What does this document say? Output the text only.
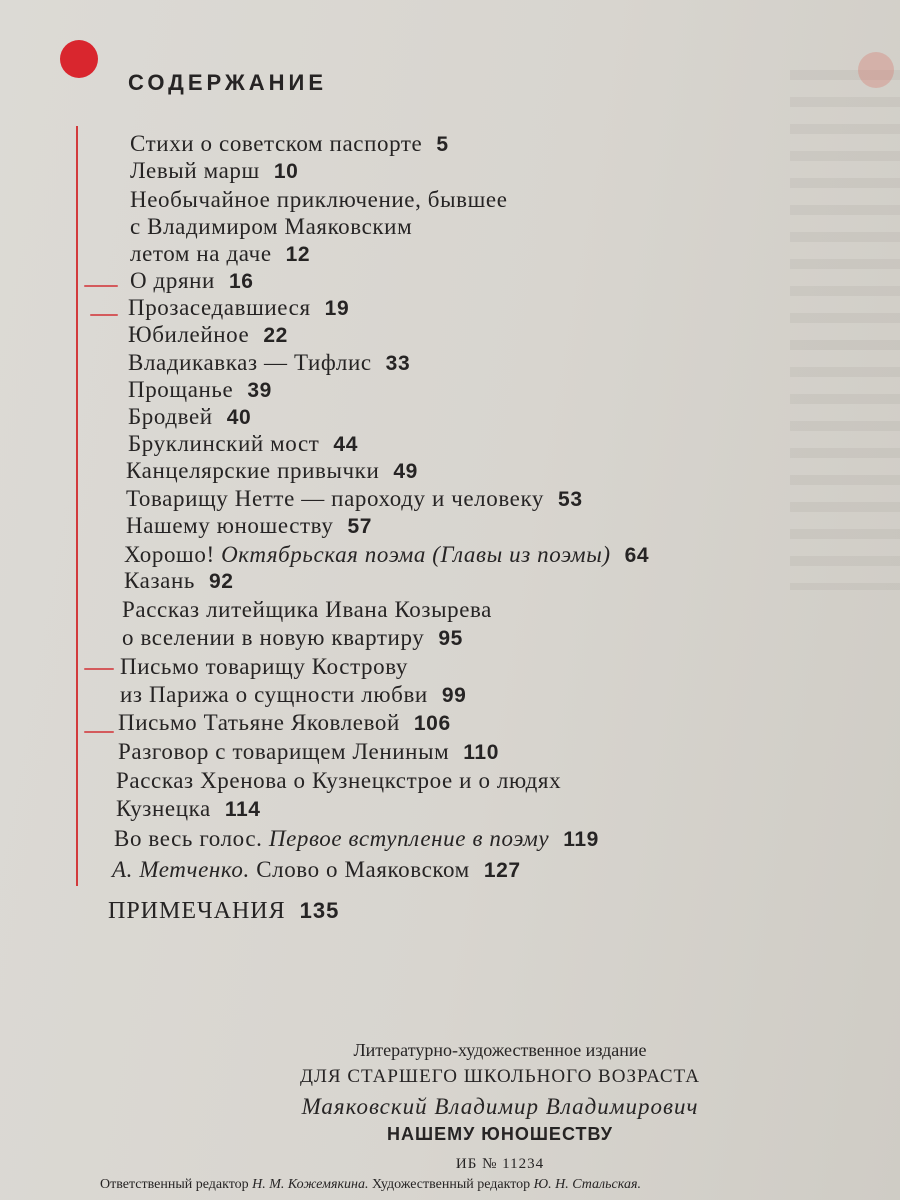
СОДЕРЖАНИЕ
Стихи о советском паспорте 5
Левый марш 10
Необычайное приключение, бывшее
с Владимиром Маяковским
летом на даче 12
О дряни 16
Прозаседавшиеся 19
Юбилейное 22
Владикавказ — Тифлис 33
Прощанье 39
Бродвей 40
Бруклинский мост 44
Канцелярские привычки 49
Товарищу Нетте — пароходу и человеку 53
Нашему юношеству 57
Хорошо! Октябрьская поэма (Главы из поэмы) 64
Казань 92
Рассказ литейщика Ивана Козырева
о вселении в новую квартиру 95
Письмо товарищу Кострову
из Парижа о сущности любви 99
Письмо Татьяне Яковлевой 106
Разговор с товарищем Лениным 110
Рассказ Хренова о Кузнецкстрое и о людях
Кузнецка 114
Во весь голос. Первое вступление в поэму 119
А. Метченко. Слово о Маяковском 127
ПРИМЕЧАНИЯ 135
Литературно-художественное издание
ДЛЯ СТАРШЕГО ШКОЛЬНОГО ВОЗРАСТА
Маяковский Владимир Владимирович
НАШЕМУ ЮНОШЕСТВУ
ИБ № 11234
Ответственный редактор Н. М. Кожемякина. Художественный редактор Ю. Н. Стальская.
